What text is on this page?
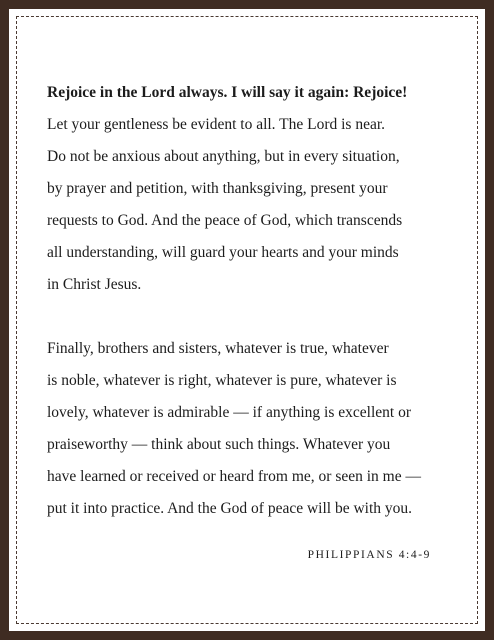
Rejoice in the Lord always. I will say it again: Rejoice!
Let your gentleness be evident to all. The Lord is near.
Do not be anxious about anything, but in every situation,
by prayer and petition, with thanksgiving, present your
requests to God. And the peace of God, which transcends
all understanding, will guard your hearts and your minds
in Christ Jesus.

Finally, brothers and sisters, whatever is true, whatever
is noble, whatever is right, whatever is pure, whatever is
lovely, whatever is admirable — if anything is excellent or
praiseworthy — think about such things. Whatever you
have learned or received or heard from me, or seen in me —
put it into practice. And the God of peace will be with you.

PHILIPPIANS 4:4-9
